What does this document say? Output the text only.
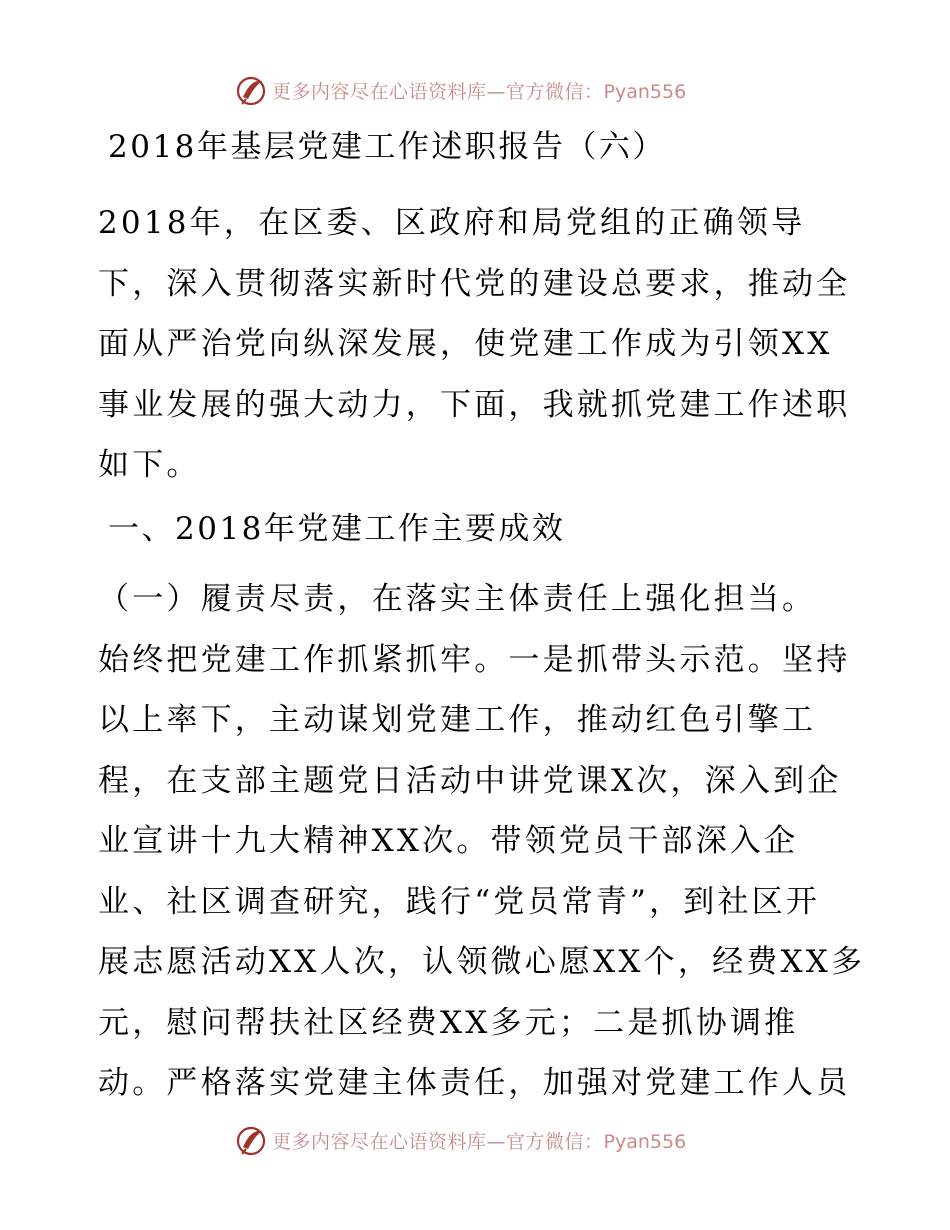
更多内容尽在心语资料库—官方微信：Pyan556
2018年基层党建工作述职报告（六）
2018年，在区委、区政府和局党组的正确领导
下，深入贯彻落实新时代党的建设总要求，推动全
面从严治党向纵深发展，使党建工作成为引领XX
事业发展的强大动力，下面，我就抓党建工作述职
如下。
一、2018年党建工作主要成效
（一）履责尽责，在落实主体责任上强化担当。
始终把党建工作抓紧抓牢。一是抓带头示范。坚持
以上率下，主动谋划党建工作，推动红色引擎工
程，在支部主题党日活动中讲党课X次，深入到企
业宣讲十九大精神XX次。带领党员干部深入企
业、社区调查研究，践行“党员常青”，到社区开
展志愿活动XX人次，认领微心愿XX个，经费XX多
元，慰问帮扶社区经费XX多元；二是抓协调推
动。严格落实党建主体责任，加强对党建工作人员
更多内容尽在心语资料库—官方微信：Pyan556
